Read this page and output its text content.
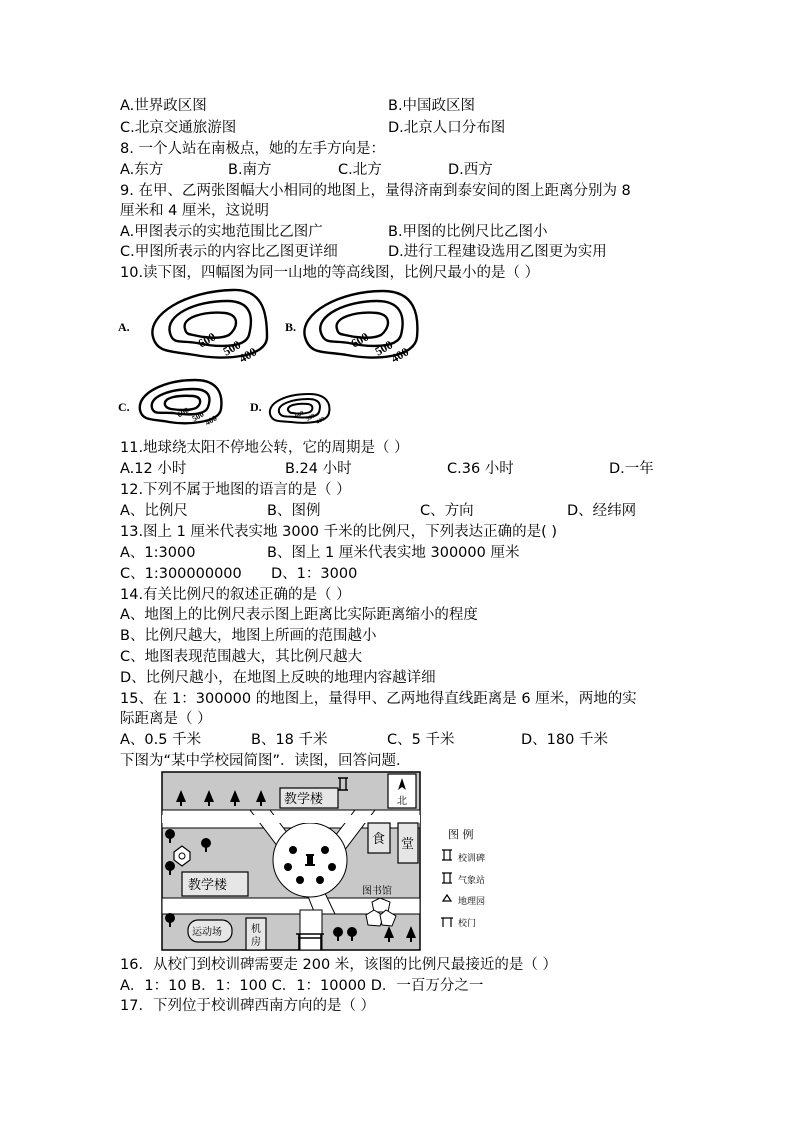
A.世界政区图	B.中国政区图
C.北京交通旅游图	D.北京人口分布图
8. 一个人站在南极点，她的左手方向是：
A.东方	B.南方	C.北方	D.西方
9. 在甲、乙两张图幅大小相同的地图上，量得济南到泰安间的图上距离分别为 8
厘米和 4 厘米，这说明
A.甲图表示的实地范围比乙图广	B.甲图的比例尺比乙图小
C.甲图所表示的内容比乙图更详细	D.进行工程建设选用乙图更为实用
10.读下图，四幅图为同一山地的等高线图，比例尺最小的是（ ）
A.	B.
C.	D.
600 500
400
600 500
400
600 500
400	600 500 400
11.地球绕太阳不停地公转，它的周期是（ ）
A.12 小时	B.24 小时	C.36 小时	D.一年
12.下列不属于地图的语言的是（ ）
A、比例尺	B、图例	C、方向	D、经纬网
13.图上 1 厘米代表实地 3000 千米的比例尺，下列表达正确的是( )
A、1:3000	B、图上 1 厘米代表实地 300000 厘米
C、1:300000000 D、1：3000
14.有关比例尺的叙述正确的是（ ）
A、地图上的比例尺表示图上距离比实际距离缩小的程度
B、比例尺越大，地图上所画的范围越小
C、地图表现范围越大，其比例尺越大
D、比例尺越小，在地图上反映的地理内容越详细
15、在 1：300000 的地图上，量得甲、乙两地得直线距离是 6 厘米，两地的实
际距离是（ ）
A、0.5 千米	B、18 千米	C、5 千米	D、180 千米
下图为“某中学校园简图”．读图，回答问题．
教学楼
教学楼
食 堂
图书馆
运动场	机
房
北
图 例
校训碑
气象站
地理园
校门
16．从校门到校训碑需要走 200 米，该图的比例尺最接近的是（ ）
A．1：10 B．1：100 C．1：10000 D．一百万分之一
17．下列位于校训碑西南方向的是（ ）
